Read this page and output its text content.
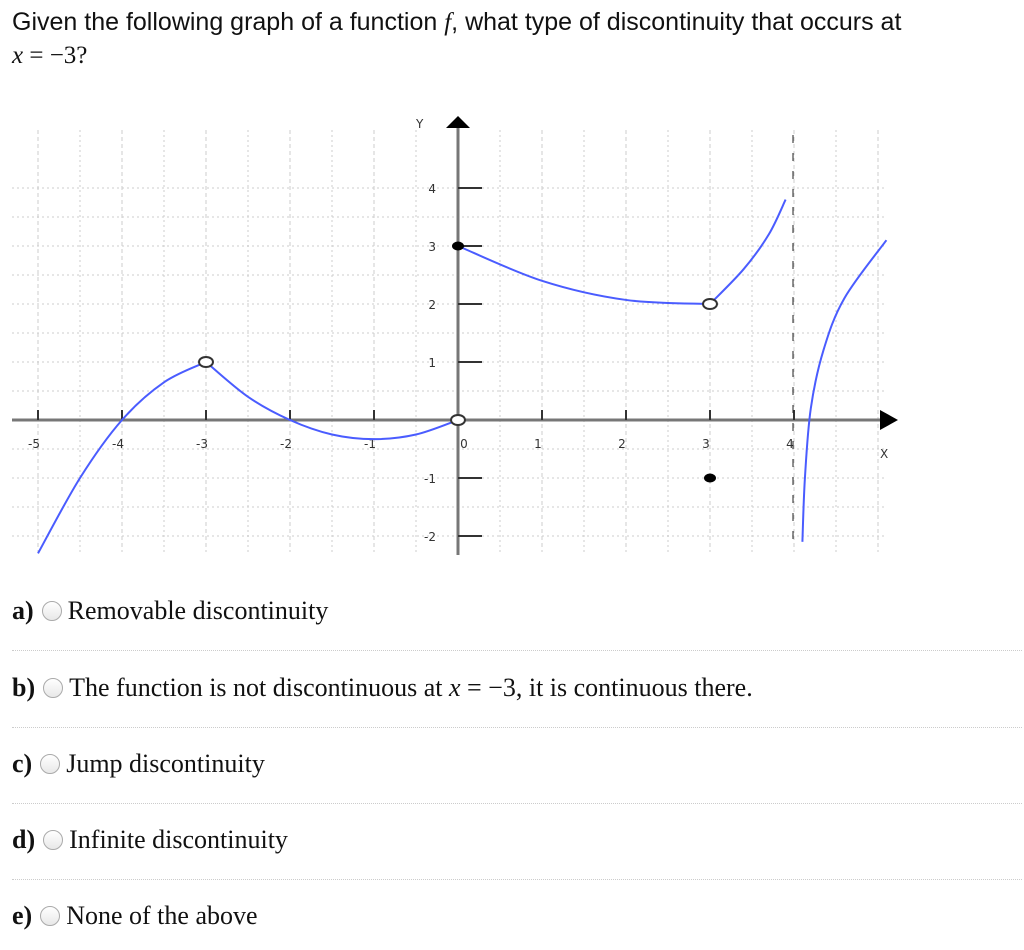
Given the following graph of a function f, what type of discontinuity that occurs at
x = −3?
-5	-4	-3	-2	-1	0	1	2	3	4
4
3
2
1
-1
-2
X
Y
a) Removable discontinuity
b) The function is not discontinuous at x = −3 , it is continuous there.
c) Jump discontinuity
d) Infinite discontinuity
e) None of the above
